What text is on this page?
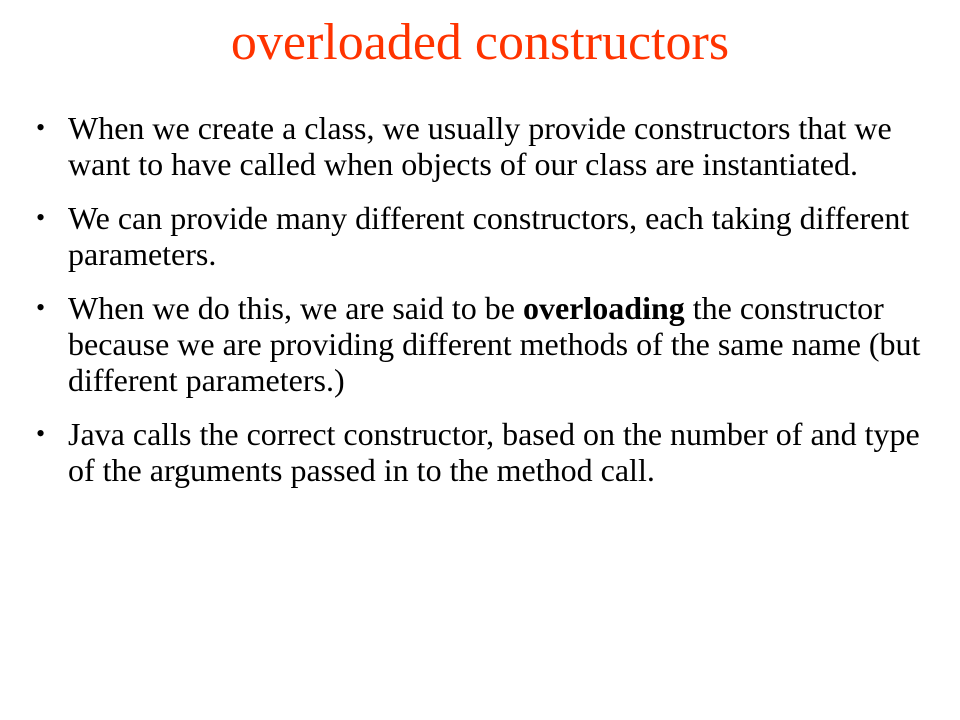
overloaded constructors
• When we create a class, we usually provide constructors that we want to have called when objects of our class are instantiated.
• We can provide many different constructors, each taking different parameters.
• When we do this, we are said to be overloading the constructor because we are providing different methods of the same name (but different parameters.)
• Java calls the correct constructor, based on the number of and type of the arguments passed in to the method call.
